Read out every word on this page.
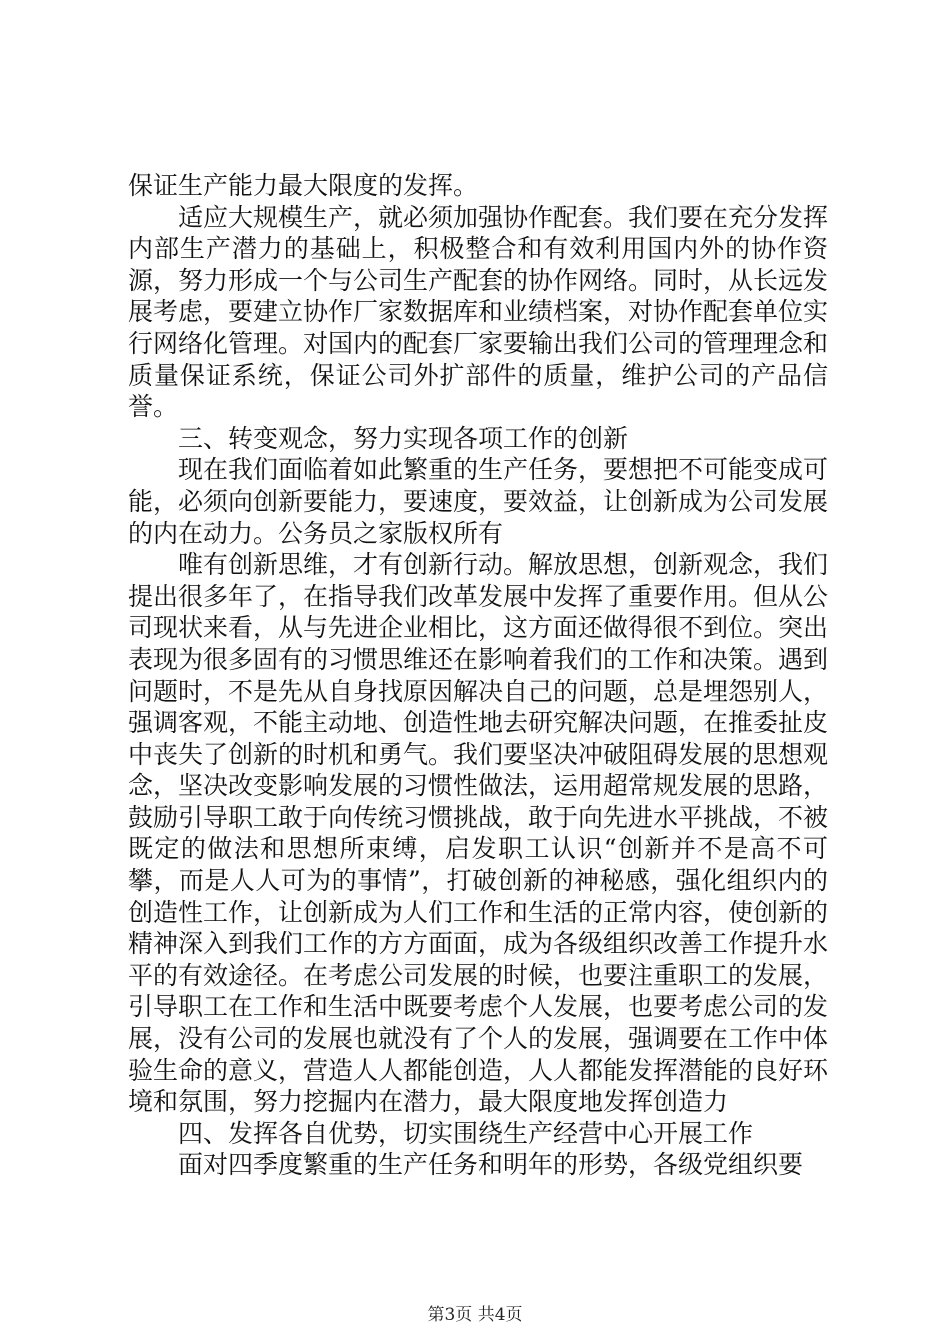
保证生产能力最大限度的发挥。

适应大规模生产，就必须加强协作配套。我们要在充分发挥内部生产潜力的基础上，积极整合和有效利用国内外的协作资源，努力形成一个与公司生产配套的协作网络。同时，从长远发展考虑，要建立协作厂家数据库和业绩档案，对协作配套单位实行网络化管理。对国内的配套厂家要输出我们公司的管理理念和质量保证系统，保证公司外扩部件的质量，维护公司的产品信誉。

三、转变观念，努力实现各项工作的创新

现在我们面临着如此繁重的生产任务，要想把不可能变成可能，必须向创新要能力，要速度，要效益，让创新成为公司发展的内在动力。公务员之家版权所有

唯有创新思维，才有创新行动。解放思想，创新观念，我们提出很多年了，在指导我们改革发展中发挥了重要作用。但从公司现状来看，从与先进企业相比，这方面还做得很不到位。突出表现为很多固有的习惯思维还在影响着我们的工作和决策。遇到问题时，不是先从自身找原因解决自己的问题，总是埋怨别人，强调客观，不能主动地、创造性地去研究解决问题，在推委扯皮中丧失了创新的时机和勇气。我们要坚决冲破阻碍发展的思想观念，坚决改变影响发展的习惯性做法，运用超常规发展的思路，鼓励引导职工敢于向传统习惯挑战，敢于向先进水平挑战，不被既定的做法和思想所束缚，启发职工认识“创新并不是高不可攀，而是人人可为的事情”，打破创新的神秘感，强化组织内的创造性工作，让创新成为人们工作和生活的正常内容，使创新的精神深入到我们工作的方方面面，成为各级组织改善工作提升水平的有效途径。在考虑公司发展的时候，也要注重职工的发展，引导职工在工作和生活中既要考虑个人发展，也要考虑公司的发展，没有公司的发展也就没有了个人的发展，强调要在工作中体验生命的意义，营造人人都能创造，人人都能发挥潜能的良好环境和氛围，努力挖掘内在潜力，最大限度地发挥创造力

四、发挥各自优势，切实围绕生产经营中心开展工作

面对四季度繁重的生产任务和明年的形势，各级党组织要

第3页 共4页
